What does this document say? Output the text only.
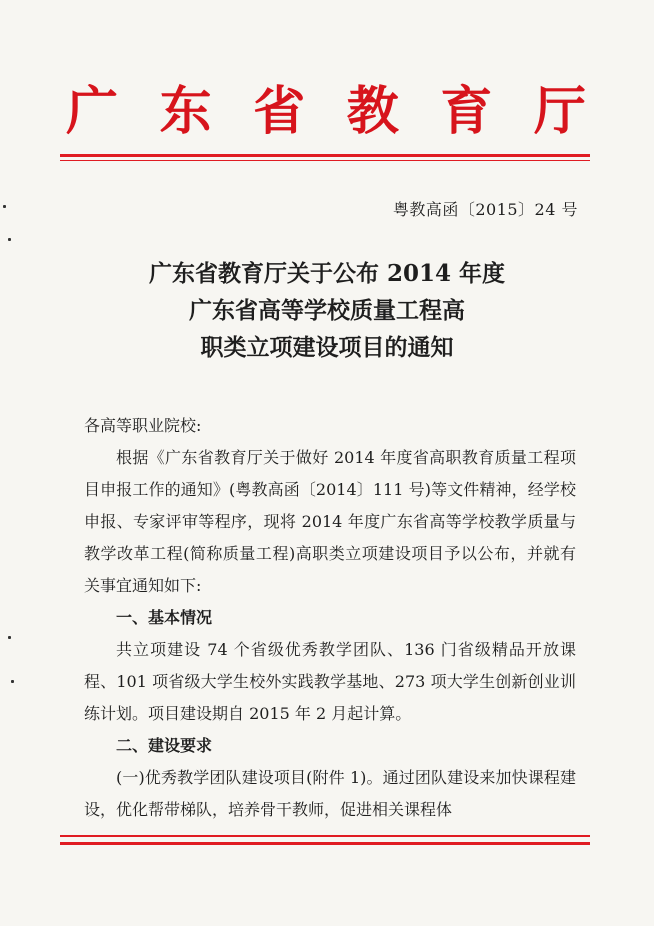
广 东 省 教 育 厅
粤教高函〔2015〕24 号
广东省教育厅关于公布 2014 年度
广东省高等学校质量工程高
职类立项建设项目的通知

各高等职业院校:

根据《广东省教育厅关于做好 2014 年度省高职教育质量工程项目申报工作的通知》(粤教高函〔2014〕111 号)等文件精神，经学校申报、专家评审等程序，现将 2014 年度广东省高等学校教学质量与教学改革工程(简称质量工程)高职类立项建设项目予以公布，并就有关事宜通知如下:

一、基本情况

共立项建设 74 个省级优秀教学团队、136 门省级精品开放课程、101 项省级大学生校外实践教学基地、273 项大学生创新创业训练计划。项目建设期自 2015 年 2 月起计算。

二、建设要求

(一)优秀教学团队建设项目(附件 1)。通过团队建设来加快课程建设，优化帮带梯队，培养骨干教师，促进相关课程体
